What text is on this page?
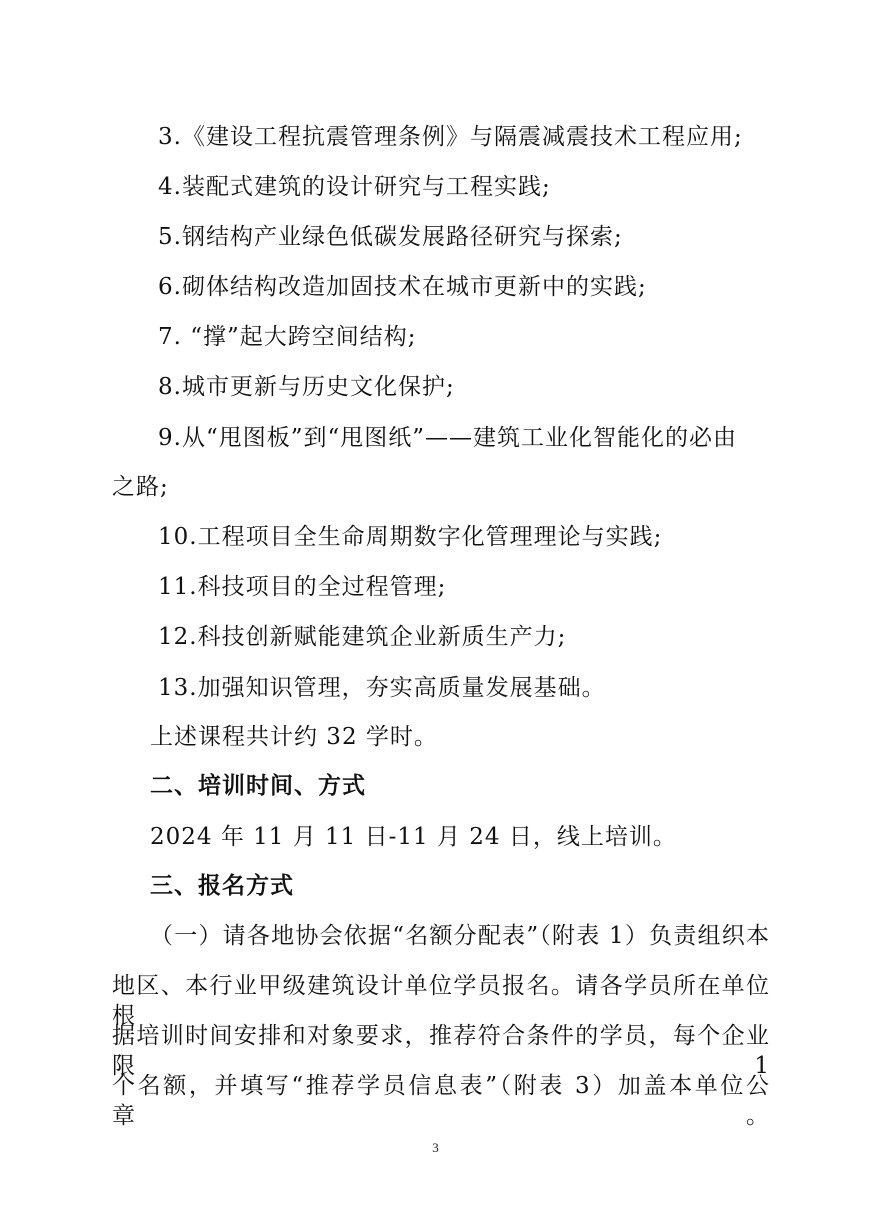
3.《建设工程抗震管理条例》与隔震减震技术工程应用;
4.装配式建筑的设计研究与工程实践;
5.钢结构产业绿色低碳发展路径研究与探索;
6.砌体结构改造加固技术在城市更新中的实践;
7. “撑”起大跨空间结构;
8.城市更新与历史文化保护;
9.从“甩图板”到“甩图纸”——建筑工业化智能化的必由
之路;
10.工程项目全生命周期数字化管理理论与实践;
11.科技项目的全过程管理;
12.科技创新赋能建筑企业新质生产力;
13.加强知识管理，夯实高质量发展基础。
上述课程共计约 32 学时。
二、培训时间、方式
2024 年 11 月 11 日-11 月 24 日，线上培训。
三、报名方式
（一）请各地协会依据“名额分配表”（附表 1）负责组织本
地区、本行业甲级建筑设计单位学员报名。请各学员所在单位根
据培训时间安排和对象要求，推荐符合条件的学员，每个企业限 1
个名额，并填写“推荐学员信息表”（附表 3）加盖本单位公章。
3
